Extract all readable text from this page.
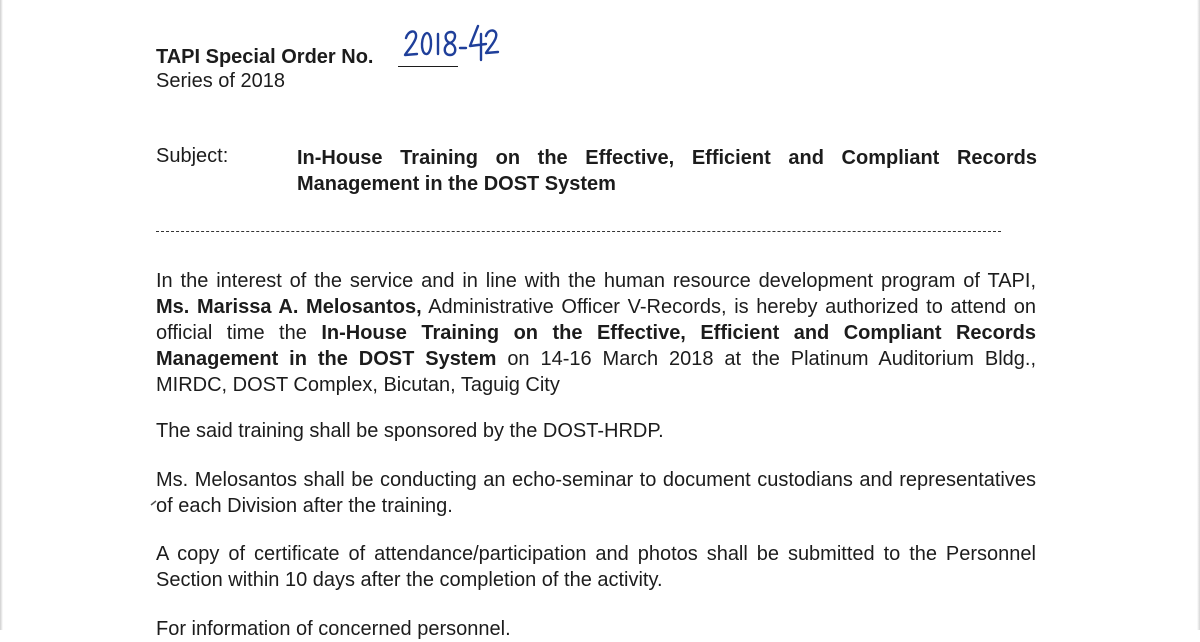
TAPI Special Order No.
Series of 2018
Subject:	In-House Training on the Effective, Efficient and Compliant Records Management in the DOST System
In the interest of the service and in line with the human resource development program of TAPI, Ms. Marissa A. Melosantos, Administrative Officer V-Records, is hereby authorized to attend on official time the In-House Training on the Effective, Efficient and Compliant Records Management in the DOST System on 14-16 March 2018 at the Platinum Auditorium Bldg., MIRDC, DOST Complex, Bicutan, Taguig City
The said training shall be sponsored by the DOST-HRDP.
Ms. Melosantos shall be conducting an echo-seminar to document custodians and representatives of each Division after the training.
A copy of certificate of attendance/participation and photos shall be submitted to the Personnel Section within 10 days after the completion of the activity.
For information of concerned personnel.
